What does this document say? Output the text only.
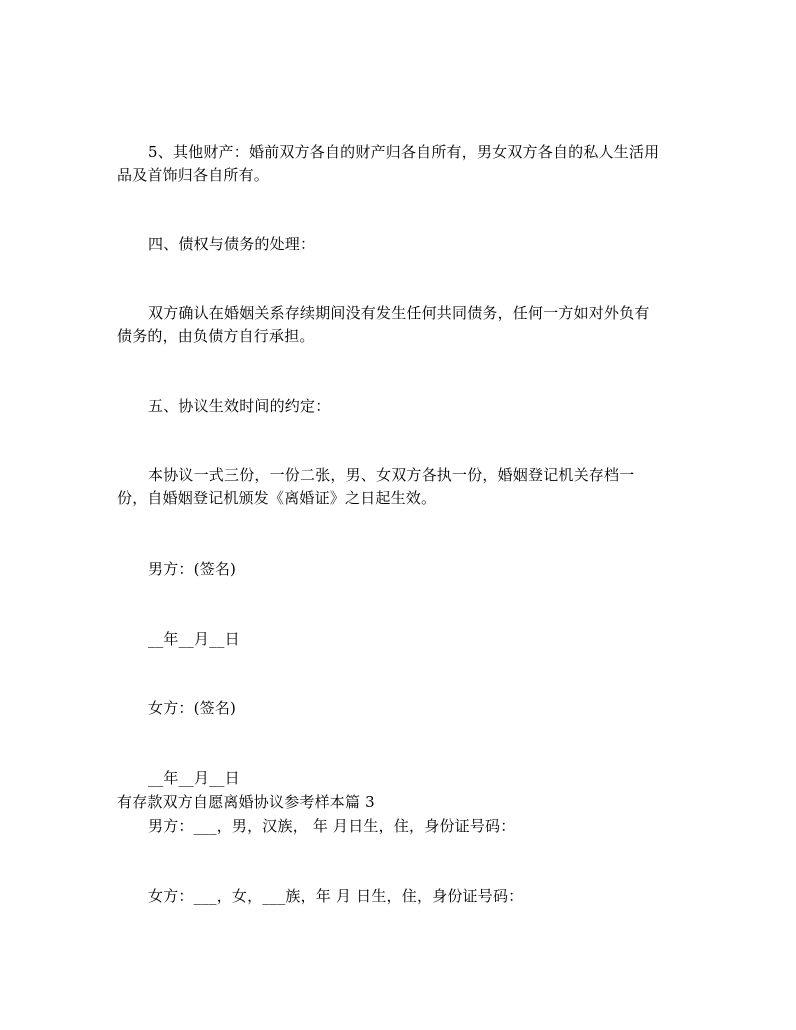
5、其他财产：婚前双方各自的财产归各自所有，男女双方各自的私人生活用
品及首饰归各自所有。
四、债权与债务的处理：
双方确认在婚姻关系存续期间没有发生任何共同债务，任何一方如对外负有
债务的，由负债方自行承担。
五、协议生效时间的约定：
本协议一式三份，一份二张，男、女双方各执一份，婚姻登记机关存档一
份，自婚姻登记机颁发《离婚证》之日起生效。
男方：(签名)
__年__月__日
女方：(签名)
__年__月__日
有存款双方自愿离婚协议参考样本篇 3
男方：___，男，汉族， 年 月日生，住，身份证号码：
女方：___，女，___族，年 月 日生，住，身份证号码：
